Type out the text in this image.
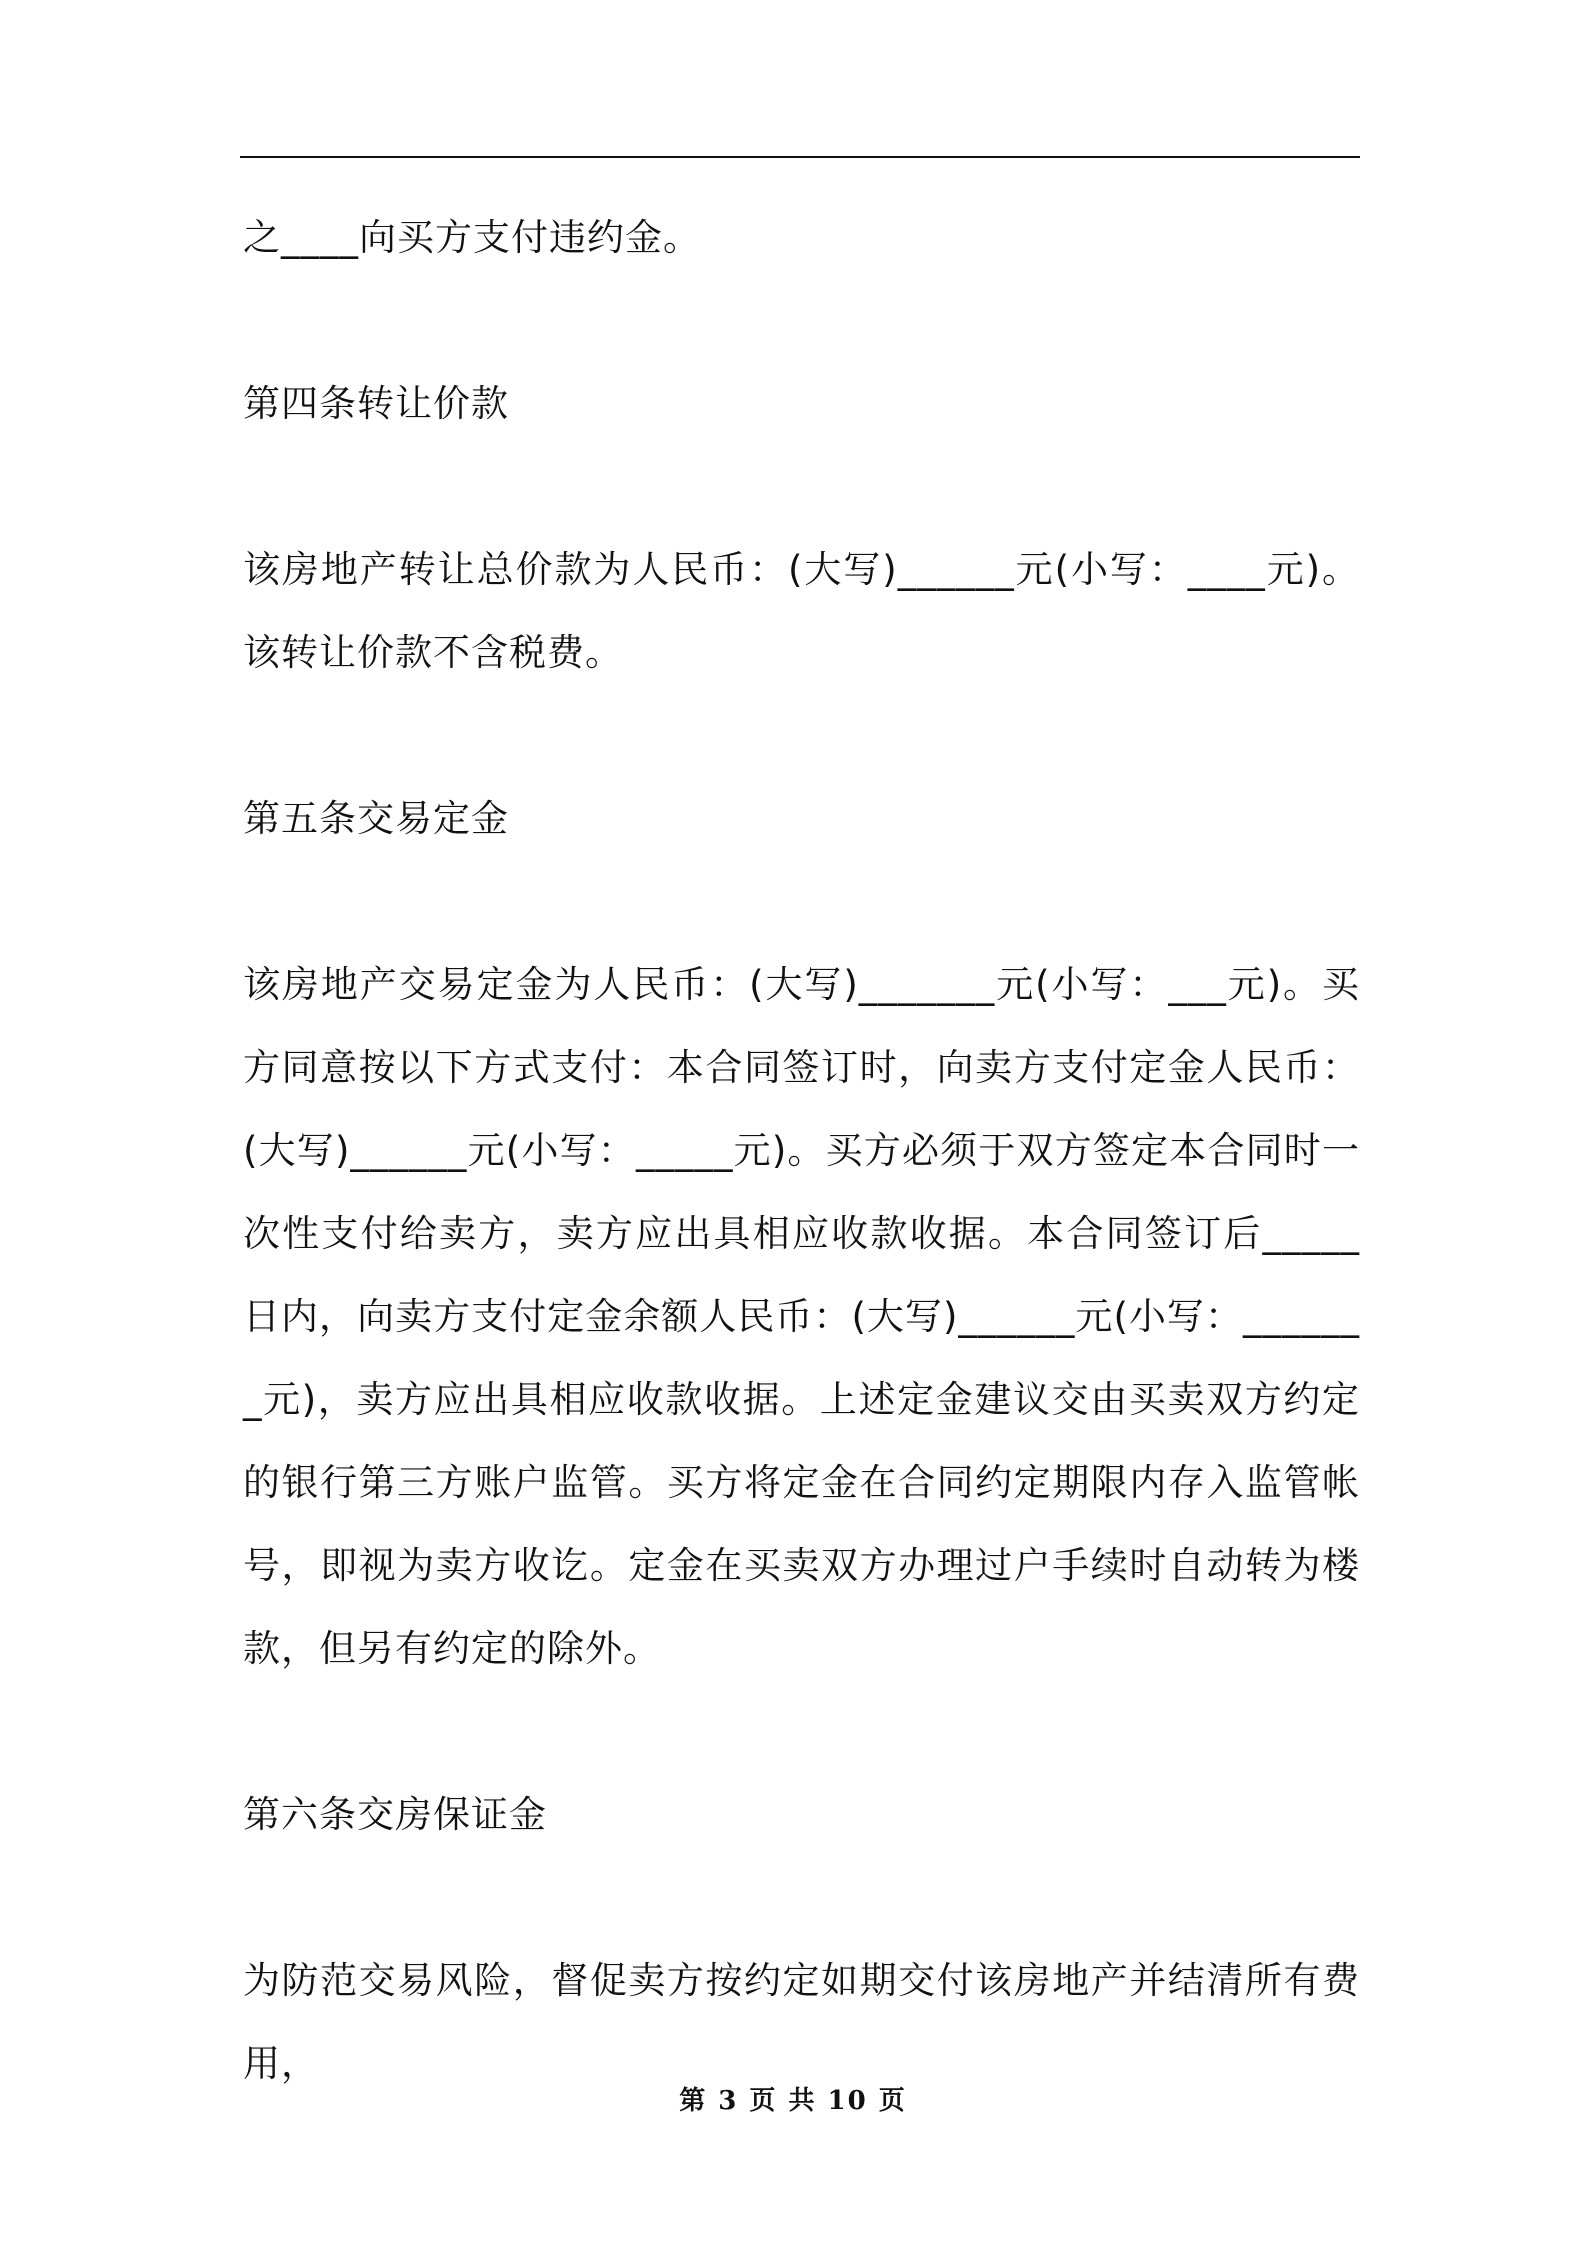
之____向买方支付违约金。

第四条转让价款

该房地产转让总价款为人民币：(大写)______元(小写：____元)。该转让价款不含税费。

第五条交易定金

该房地产交易定金为人民币：(大写)_______元(小写：___元)。买方同意按以下方式支付：本合同签订时，向卖方支付定金人民币：(大写)______元(小写：_____元)。买方必须于双方签定本合同时一次性支付给卖方，卖方应出具相应收款收据。本合同签订后_____日内，向卖方支付定金余额人民币：(大写)______元(小写：_______元)，卖方应出具相应收款收据。上述定金建议交由买卖双方约定的银行第三方账户监管。买方将定金在合同约定期限内存入监管帐号，即视为卖方收讫。定金在买卖双方办理过户手续时自动转为楼款，但另有约定的除外。

第六条交房保证金

为防范交易风险，督促卖方按约定如期交付该房地产并结清所有费用，

第 3 页 共 10 页
